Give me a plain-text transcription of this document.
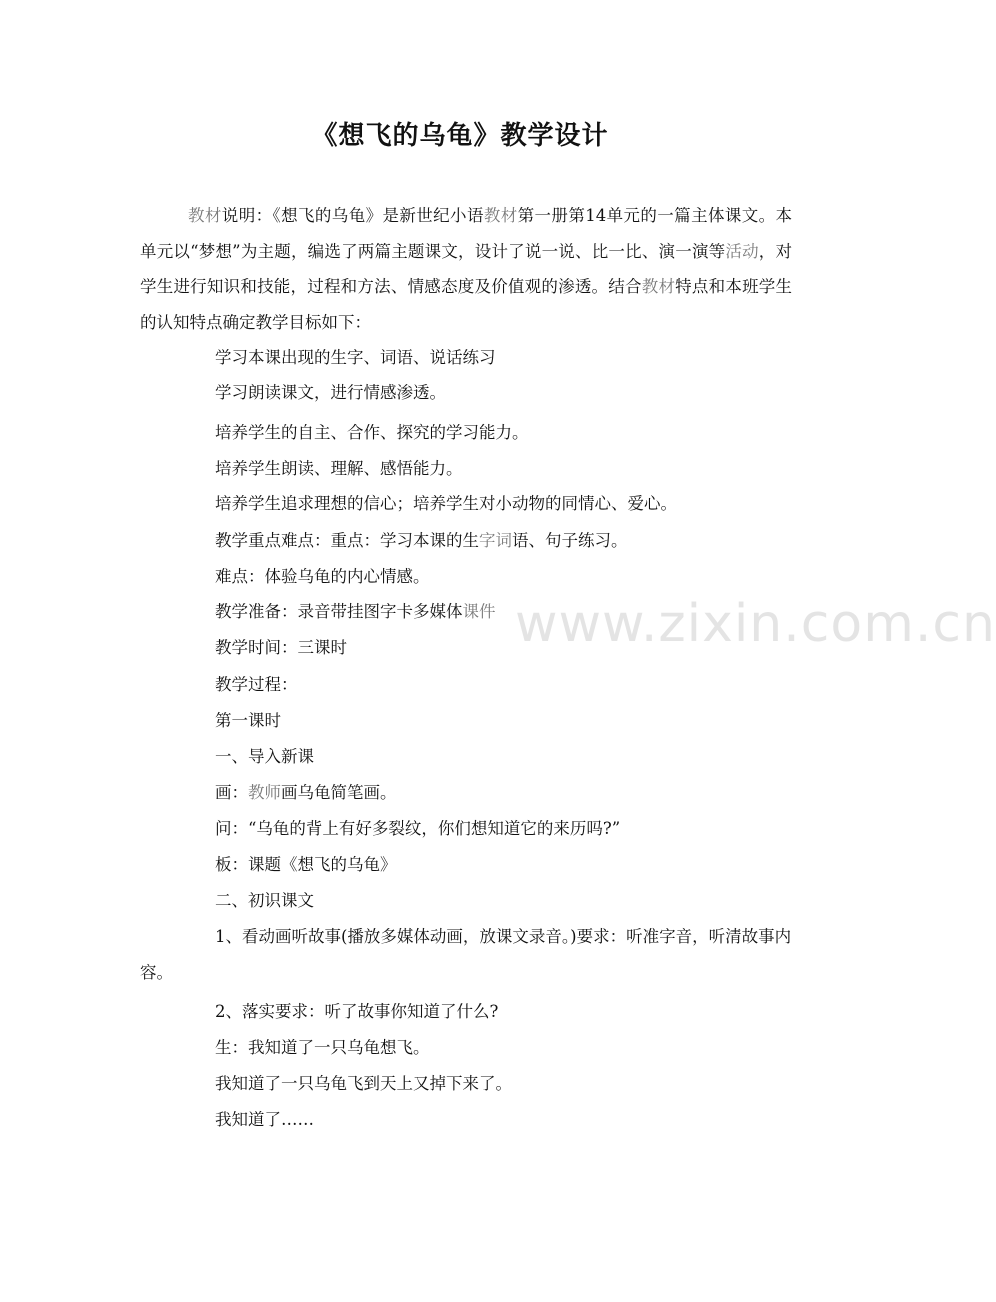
《想飞的乌龟》教学设计
教材说明：《想飞的乌龟》是新世纪小语教材第一册第14单元的一篇主体课文。本单元以“梦想”为主题，编选了两篇主题课文，设计了说一说、比一比、演一演等活动，对学生进行知识和技能，过程和方法、情感态度及价值观的渗透。结合教材特点和本班学生的认知特点确定教学目标如下：
学习本课出现的生字、词语、说话练习
学习朗读课文，进行情感渗透。
培养学生的自主、合作、探究的学习能力。
培养学生朗读、理解、感悟能力。
培养学生追求理想的信心；培养学生对小动物的同情心、爱心。
教学重点难点：重点：学习本课的生字词语、句子练习。
难点：体验乌龟的内心情感。
教学准备：录音带挂图字卡多媒体课件
教学时间：三课时
教学过程：
第一课时
一、导入新课
画：教师画乌龟简笔画。
问：“乌龟的背上有好多裂纹，你们想知道它的来历吗?”
板：课题《想飞的乌龟》
二、初识课文
1、看动画听故事(播放多媒体动画，放课文录音。)要求：听准字音，听清故事内容。
2、落实要求：听了故事你知道了什么?
生：我知道了一只乌龟想飞。
我知道了一只乌龟飞到天上又掉下来了。
我知道了……
www.zixin.com.cn
